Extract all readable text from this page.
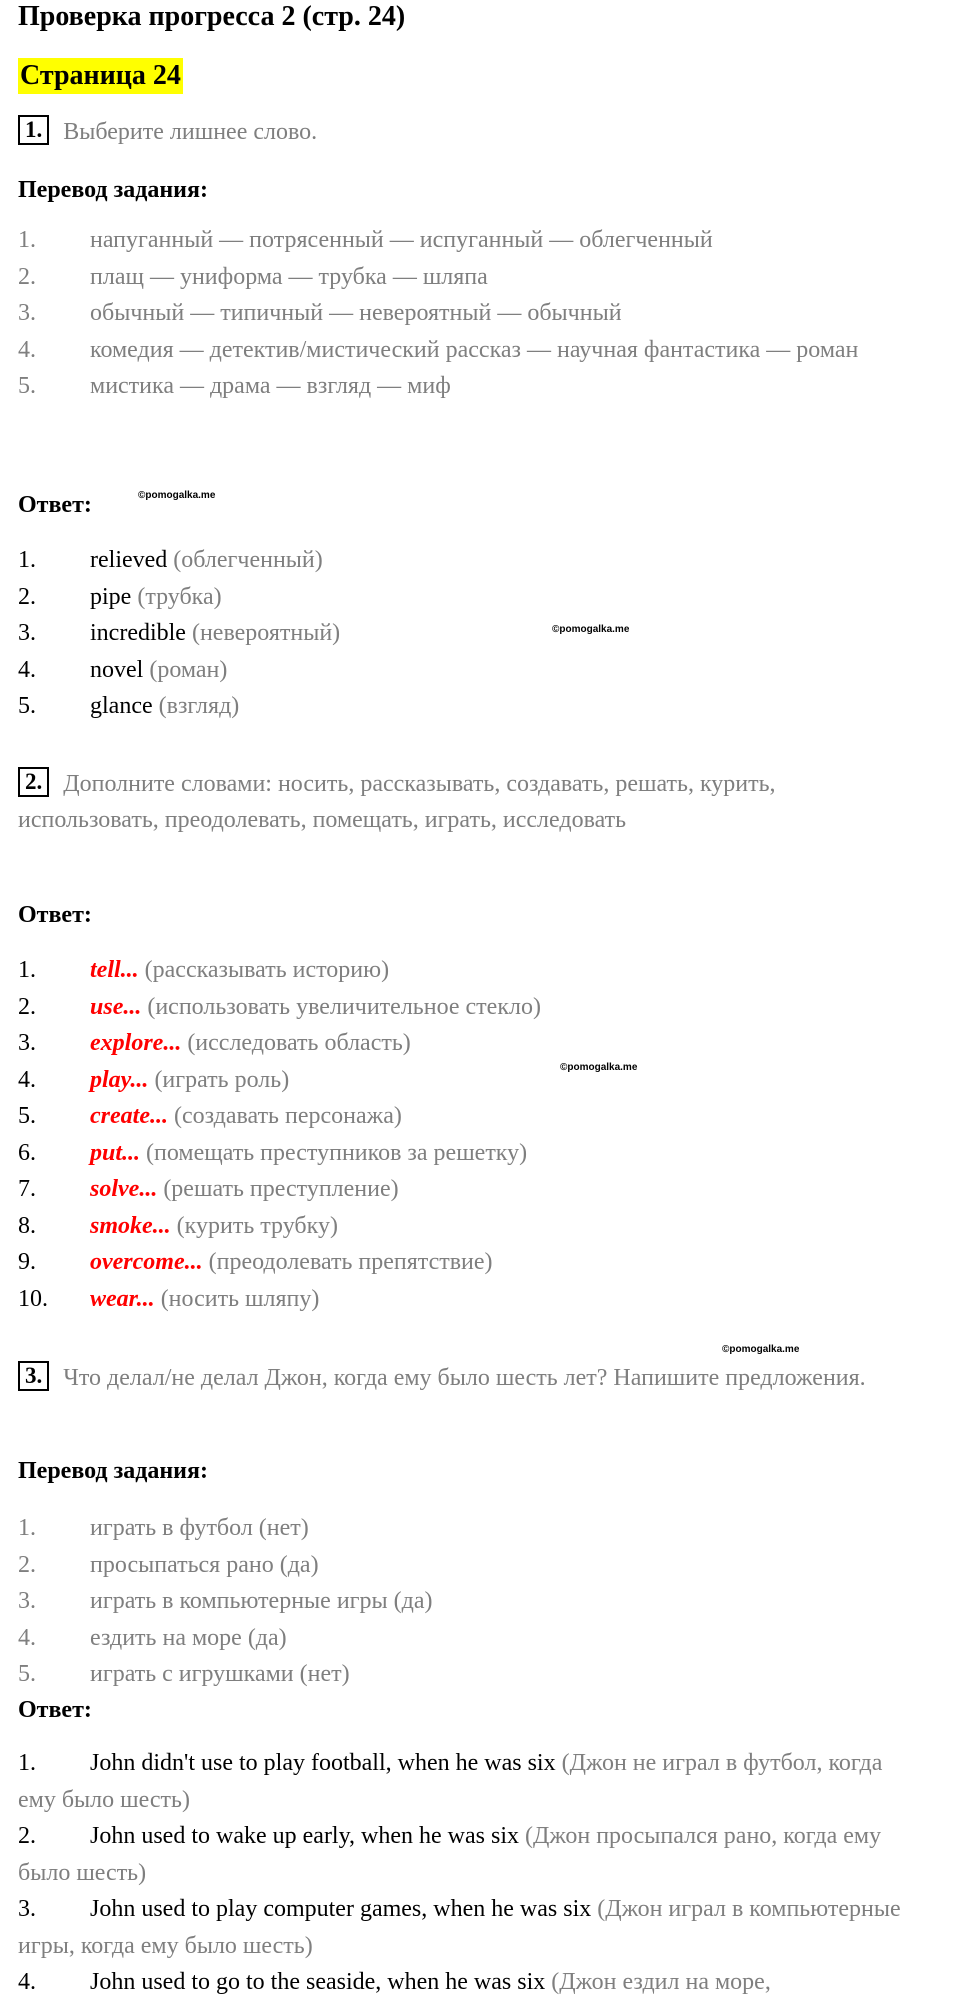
Проверка прогресса 2 (стр. 24)
Страница 24
1. Выберите лишнее слово.
Перевод задания:
1. напуганный — потрясенный — испуганный — облегченный
2. плащ — униформа — трубка — шляпа
3. обычный — типичный — невероятный — обычный
4. комедия — детектив/мистический рассказ — научная фантастика — роман
5. мистика — драма — взгляд — миф
Ответ:	©pomogalka.me
1. relieved (облегченный)
2. pipe (трубка)
3. incredible (невероятный)
4. novel (роман)
5. glance (взгляд)
©pomogalka.me
2. Дополните словами: носить, рассказывать, создавать, решать, курить, использовать, преодолевать, помещать, играть, исследовать
Ответ:
1. tell... (рассказывать историю)
2. use... (использовать увеличительное стекло)
3. explore... (исследовать область)
4. play... (играть роль)
5. create... (создавать персонажа)
6. put... (помещать преступников за решетку)
7. solve... (решать преступление)
8. smoke... (курить трубку)
9. overcome... (преодолевать препятствие)
10. wear... (носить шляпу)
©pomogalka.me
©pomogalka.me
3. Что делал/не делал Джон, когда ему было шесть лет? Напишите предложения.
Перевод задания:
1. играть в футбол (нет)
2. просыпаться рано (да)
3. играть в компьютерные игры (да)
4. ездить на море (да)
5. играть с игрушками (нет)
Ответ:
1. John didn't use to play football, when he was six (Джон не играл в футбол, когда ему было шесть)
2. John used to wake up early, when he was six (Джон просыпался рано, когда ему было шесть)
3. John used to play computer games, when he was six (Джон играл в компьютерные игры, когда ему было шесть)
4. John used to go to the seaside, when he was six (Джон ездил на море,
